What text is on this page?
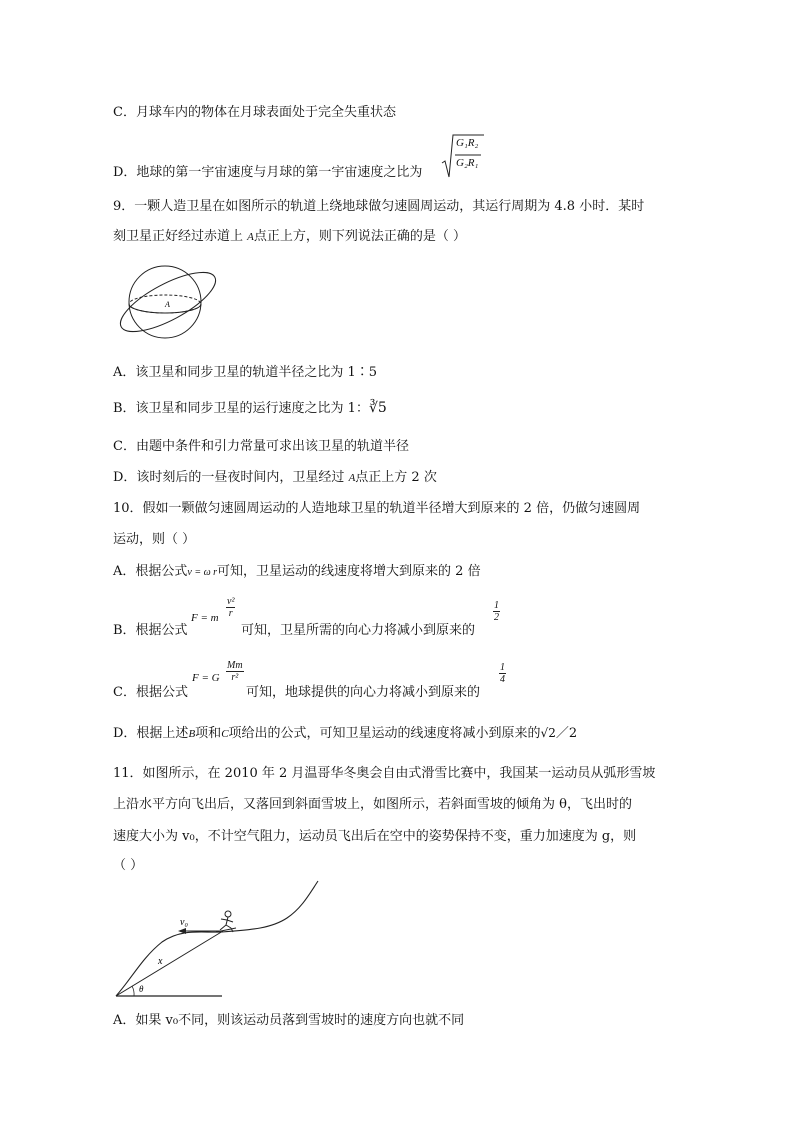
C．月球车内的物体在月球表面处于完全失重状态
D．地球的第一宇宙速度与月球的第一宇宙速度之比为
G₁R₂
G₂R₁
9．一颗人造卫星在如图所示的轨道上绕地球做匀速圆周运动，其运行周期为 4.8 小时．某时
刻卫星正好经过赤道上 A点正上方，则下列说法正确的是（ ）
A
A．该卫星和同步卫星的轨道半径之比为 1∶5
B．该卫星和同步卫星的运行速度之比为 1：∛5
C．由题中条件和引力常量可求出该卫星的轨道半径
D．该时刻后的一昼夜时间内，卫星经过 A点正上方 2 次
10．假如一颗做匀速圆周运动的人造地球卫星的轨道半径增大到原来的 2 倍，仍做匀速圆周
运动，则（ ）
A．根据公式v = ω r可知，卫星运动的线速度将增大到原来的 2 倍
B．根据公式
F = m $\frac{\text{v²}}{r}$
可知，卫星所需的向心力将减小到原来的
$\frac{1}{2}$
C．根据公式
F = G $\frac{Mm}{\text{r²}}$
可知，地球提供的向心力将减小到原来的
$\frac{1}{4}$
D．根据上述B项和C项给出的公式，可知卫星运动的线速度将减小到原来的√2／2
11．如图所示，在 2010 年 2 月温哥华冬奥会自由式滑雪比赛中，我国某一运动员从弧形雪坡
上沿水平方向飞出后，又落回到斜面雪坡上，如图所示，若斜面雪坡的倾角为 θ，飞出时的
速度大小为 v₀，不计空气阻力，运动员飞出后在空中的姿势保持不变，重力加速度为 g，则
（ ）
v₀
x
θ
A．如果 v₀不同，则该运动员落到雪坡时的速度方向也就不同
